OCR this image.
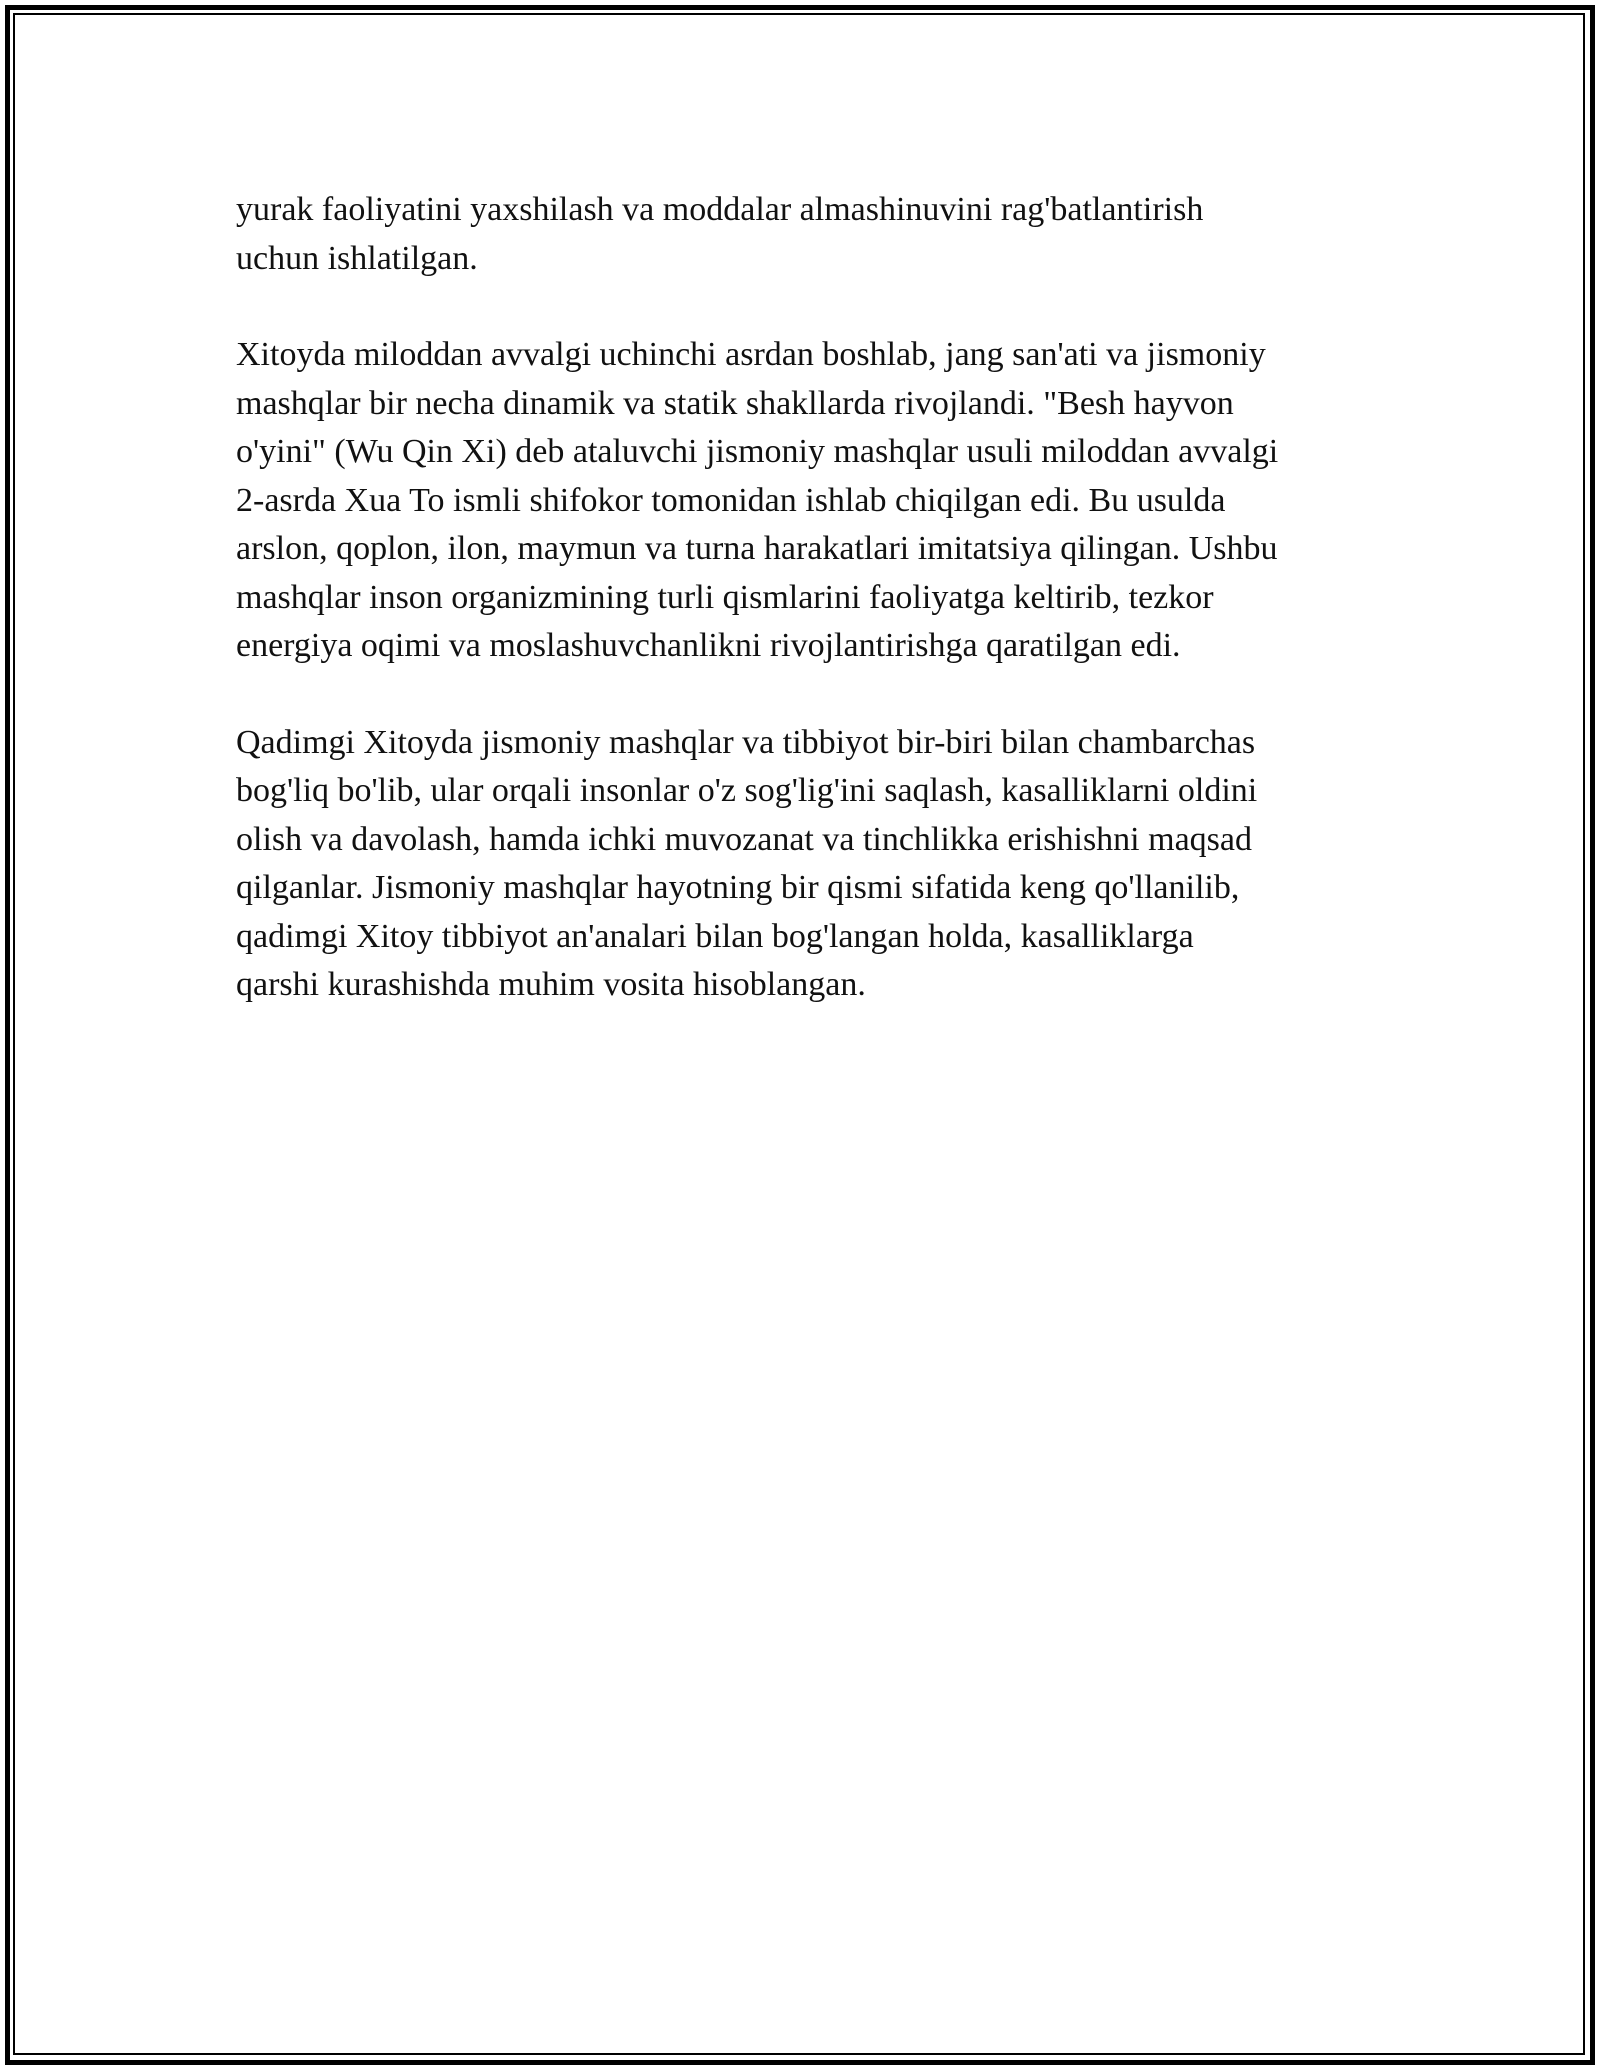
yurak faoliyatini yaxshilash va moddalar almashinuvini rag'batlantirish
uchun ishlatilgan.

Xitoyda miloddan avvalgi uchinchi asrdan boshlab, jang san'ati va jismoniy
mashqlar bir necha dinamik va statik shakllarda rivojlandi. "Besh hayvon
o'yini" (Wu Qin Xi) deb ataluvchi jismoniy mashqlar usuli miloddan avvalgi
2-asrda Xua To ismli shifokor tomonidan ishlab chiqilgan edi. Bu usulda
arslon, qoplon, ilon, maymun va turna harakatlari imitatsiya qilingan. Ushbu
mashqlar inson organizmining turli qismlarini faoliyatga keltirib, tezkor
energiya oqimi va moslashuvchanlikni rivojlantirishga qaratilgan edi.

Qadimgi Xitoyda jismoniy mashqlar va tibbiyot bir-biri bilan chambarchas
bog'liq bo'lib, ular orqali insonlar o'z sog'lig'ini saqlash, kasalliklarni oldini
olish va davolash, hamda ichki muvozanat va tinchlikka erishishni maqsad
qilganlar. Jismoniy mashqlar hayotning bir qismi sifatida keng qo'llanilib,
qadimgi Xitoy tibbiyot an'analari bilan bog'langan holda, kasalliklarga
qarshi kurashishda muhim vosita hisoblangan.
